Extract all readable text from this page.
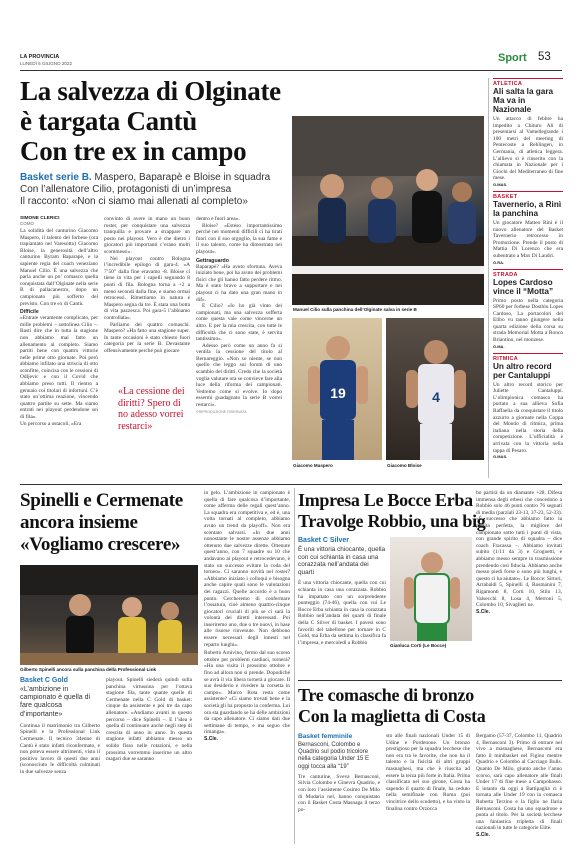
LA PROVINCIA
LUNEDÌ 6 GIUGNO 2022	Sport 53
La salvezza di Olginate
è targata Cantù
Con tre ex in campo
Basket serie B. Maspero, Baparapè e Bloise in squadra
Con l’allenatore Cilio, protagonisti di un’impresa
Il racconto: «Non ci siamo mai allenati al completo»
SIMONE CLERICI
COMO
La solidità del canturino Giacomo Maspero, il talento del forbese (ora trapiantato nel Varesotto) Giacomo Bloise, la generosità dell’altro canturino Byram Baparapè, e la sapiente regia del coach veneziano Manuel Cilio. È una salvezza che parla anche un po’ comasco quella conquistata dall’Olginate nella serie B di pallacanestro, dopo un campionato più sofferto del previsto. Con tre ex di Cantù.
Difficile
«Entrate veramente complicato, per mille problemi – sottolinea Cilio –. Basti dire che in tutta la stagione non abbiamo mai fatto un allenamento al completo. Siamo partiti bene con quattro vittorie nelle prime otto giornate. Poi però abbiamo infilato una striscia di otto sconfitte, coincisa con le cessioni di Odljevic e con il Covid che abbiamo preso tutti. Il rientro a gennaio coi titolari di infortuni. C’è stato un’ottima reazione, vincendo quattro partite su sette. Ma siamo entrati nei playout perdendone sei di fila».
Un percorso a ostacoli, «Era
convinto di avere in mano un buon roster, per conquistare una salvezza tranquilla e provare a strappare un posto nei playout. Vero è che dietro i giocatori più importanti c’erano molti scommessi».
Nei playout contro Bologna l’incredibile epilogo di gara-4. «A 7’50” dalla fine eravamo -8. Bloise ci tiene in vita per i capelli segnando 8 punti di fila. Bologna torna a +2 a meno secondi dalla fine, e siamo ormai retrocessi. Rimettiamo in natura e Maspero segna da tre. È stata una botta di vita pazzesca. Poi gara-5 l’abbiamo controllata».
Parliamo dei quattro comaschi. Maspero? «Ha fatto una stagione super. In tante occasioni è stato chiesto fuori categoria per la serie B. Devastante offensivamente perché può giocare
«La cessione dei diritti? Spero di no adesso vorrei restarci»
dentro e fuori area».
Bloise? «Esteso importantissimo perché nei momenti difficili ci ha tirati fuori con il suo orgoglio, la sua fame e il suo talento, come ha dimostrato nei playout».
Gettraguardo
Baparapè? «Ha avuto sfortuna. Aveva iniziato bene, poi ha avuto dei problemi fisici che gli hanno fatto perdere ritmo. Ma è stato bravo a supportare e nei playout ci ha dato una gran mano in dif».
E Cilio? «Io ho già vinto dei campionati, ma una salvezza sofferta come questa vale come vincerne un altro. E per la mia crescita, con tutte le difficoltà che ci sono state, è servita tantissimo».
Adesso però come un anno fa si ventila la cessione del titolo al Bernareggio. «Non so niente, se non quello che leggo sui forum di uno scambio dei diritti. Credo che la società voglia valutare ora se convieve fare alla luce della riforma dei campionati. Vedremo come si evolve. Io dopo essermi guadagnato la serie B vorrei restarci».
©RIPRODUZIONE RISERVATA
Manuel Cilio sulla panchina dell’Olginate salva in serie B
19	4
Giacomo Maspero	Giacomo Bloise
ATLETICA
Ali salta la gara Ma va in Nazionale
Un attacco di febbre ha impedito a Chituru Ali di presentarsi al Vamellegrande i 100 metri del meeting di Pentecoste a Rehlingen, in Germania, di atletica leggera. L’allievo sì è rinserito con la chiamata in Nazionale per i Giochi del Mediterraneo di fine mese.
G.MAS.
BASKET
Tavernerio, a Rinì la panchina
Un giocatore Matteo Rinì è il nuovo allenatore del Basket Tavernerio retrocesso in Promozione. Prende il posto di Mattia Di Lorenzo che era subentrato a Max Di Laudri.
G.RA.
STRADA
Lopes Cardoso vince il “Motta”
Primo posto nella categoria SP60 per forbese Dosthlu Lopes Cardoso, La portacolori del Elibo vu tanno giungere nella quarta edizione della corsa su strada Memorial Motta a Ronco Briantino, nel monzese.
G.MA.
RITMICA
Un altro record per Cantaluppi
Un altro record storico per Juliette Cantaluppi. L’olimpionica comasca ha portato a sua allieva Sofia Raffaelia da conquistare il titolo azzurro a giornate nella Coppa del Mondo di ritmica, prima italiana nella storia della competizione. L’ufficialità è arrivata con la vittoria nella tappa di Pesaro.
G.MAS.
Spinelli e Cermenate
ancora insieme
«Vogliamo crescere»
Gilberto Spinelli ancora sulla panchina della Professional Link
Basket C Gold
«L’ambizione in campionato è quella di fare qualcosa d’importante»
Continua il matrimonio tra Gilberto Spinelli e la Professional Link Cermenate. Il tecnico 34enne di Cantù è stato infatti riconfermato, e non poteva essere altrimenti, visto il positivo lavoro di questi due anni (sconosciuto le difficoltà culminati in due salvezze senza
playout. Spinelli siederà quindi sulla panchina virtussina per l’ottava stagione fila, tante quante quelle di Cermenate nella C Gold di basket: cinque da assistente e poi tre da capo allenatore. «Andiamo avanti in questo percorso – dice Spinelli –. E l’idea è quella di continuare anche negli step di crescita di anno in anno. In questa stagione infatti abbiamo messo un solido fisso nelle rotazioni, e nella prossima vorremmo inserirne un altro magari due se saranno
in gelo. L’ambizione in campionato è quella di fare qualcosa d’importante, come afferma delle regali quest’anno. La squadra era competitiva e, ed è, una volta tornati al completo, abbiamo avuto un trend da playoff». Non era scontato salvarsi. «In due anni nonostante le nostre assenze abbiamo ottenuto due salvezze dirette. Ottenute quest’anno, con 7 squadre su 10 che andavano ai playout e retrocedevano, è stato un successo evitare la coda del torneo». Ci saranno novità nel roster? «Abbiamo iniziato i colloqui e bisogna anche capire quali sono le valutazioni dei ragazzi. Quelle accordo è a buon punto. Cercheremo di confermare l’ossatura, cioè almeno quattro-cinque giocatori cruciali di più se ci sarà la volontà dei diretti interessati. Poi inseriremo uno, due o tre nuovi, in base alle risorse rinvenute. Non debbono essere necessari degli innesti nel reparto lunghi».
Roberto Arnivino, fermo dal suo scorso ottobre per problemi cardiaci, tornerà? «Ha una visita il prossimo ottobre e fino ad allora non si prende. Dopodiché se avrà il via libera tornerà a giocare. Il suo desiderio e rivedere la corsetta in campo». Marco Rota resta come assistente? «Ci siamo trovati bene e la società gli ha proposto la conferma. Lui ora sta guardando se ha delle ambizioni da capo allenatore. Ci siamo dati due settimane di tempo, e ma seguo che rimanga».
S.Cle.
Impresa Le Bocce Erba
Travolge Robbio, una big
Basket C Silver
È una vittoria chiocante, quella con cui schianta in casa una corazzata nell’andata dei quarti
È una vittoria chiocante, quella con cui schianta in casa una corazzata. Robbio ha impattato con un sorprendente punteggio (74-46), quella con cui Le Bocce Erba schianta in casa la corazzata Robbio nell’andata dei quarti di finale della C Silver di basket. I pavesi sono favoriti del tabellone per tornare in C Gold, ma Erba da settima in classifica fa l’impresa, e mercoledì a Robbio	Gianluca Corti (Le Bocce)
bo partirà da un diamante +28. Difesa immensa degli erbesi che concedono a Robbio solo 46 punti contro 76 segnati di media (parziali 23-13, 37-23, 52-33). «È successo che abbiamo fatto la partita perfetta, la migliore del campionato sotto tutti i punti di vista, con grande spirito di squadra – dice coach Fracassa –. Abbiamo invitati subito (1/11 da 3) e Grognetti, e abbiamo messo sempre in trasmissione prendendo così fiducia. Abbiamo anche messo piedi forse o sono più lunghi, e questo ci ha aiutato». Le Bocce: Sirtori, Arrabaldi 5, Spinelli 4, Rosmanini 7, Rigamonti 8, Corti 10, Stilo 13, Valsecchi 8, Losa 4, Merroni 5, Colombo 10, Sivaglieri ne.
S.Cle.
Tre comasche di bronzo
Con la maglietta di Costa
Basket femminile
Bernasconi, Colombo e Quadrio sul podio tricolore nella categoria Under 15 E oggi tocca alla “19”
Tre canturine, Sveva Bernasconi, Silvia Colombo e Ginevra Quadrio, e con loro l’assistente Cosimo De Milo di Mudaria nel, hanno conquistato con il Basket Costa Masnaga il terzo po-
sto alle finali nazionali Under 15 di Udine e Pordenone. Un bronzo prestigioso per la squadra lecchese che non era tra le favorite, che non ha il talento e la fisicità di altri gruppi masnaghesi, ma che è riuscita ad essere la terza più forte in Italia. Prima classificata nel suo girone, Costa ha sapendo il quarto di finale, ha ceduto nella semifinale con Roma (poi vincitrice dello scudetto), e ha vinto la finalina contro Orzocca
Bergamo (57-37, Colombo 11, Quadrio 4, Bernasconi 3). Primo di entrare nel vivo a masnaghese, Bernasconi era fatto il minibasket nel Figino mentre Quadrio e Colombo al Cacciago Bulls. Quanto De Milo, giunto anche l’anno scorso, sarà capo allenatore alle finali Under 17 di fine mese a Campobasso. E intanto da oggi a Battipaglia ci è tornata alle Under 19 con la comasca Roberta Terzino e la figlio ne Ilaria Bernasconi. Costa ha uno squadrone e punta al titolo. Per la società lecchese una fantastica tripletta di finali nazionali in tutte le categorie Elite.
S.Cle.
